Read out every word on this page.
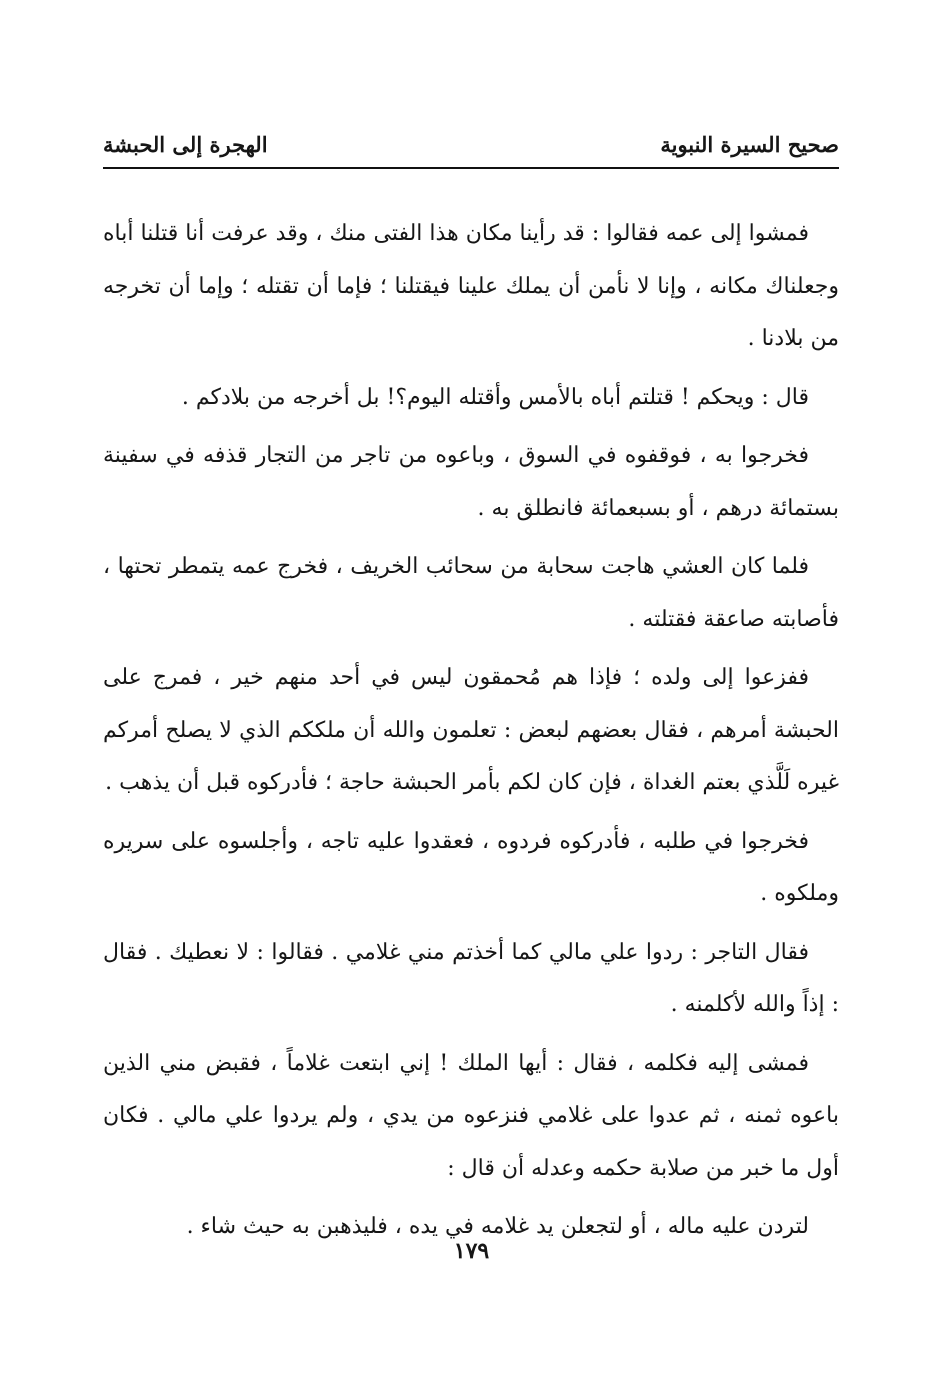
صحيح السيرة النبوية
الهجرة إلى الحبشة

فمشوا إلى عمه فقالوا : قد رأينا مكان هذا الفتى منك ، وقد عرفت أنا قتلنا أباه وجعلناك مكانه ، وإنا لا نأمن أن يملك علينا فيقتلنا ؛ فإما أن تقتله ؛ وإما أن تخرجه من بلادنا .

قال : ويحكم ! قتلتم أباه بالأمس وأقتله اليوم؟! بل أخرجه من بلادكم .

فخرجوا به ، فوقفوه في السوق ، وباعوه من تاجر من التجار قذفه في سفينة بستمائة درهم ، أو بسبعمائة فانطلق به .

فلما كان العشي هاجت سحابة من سحائب الخريف ، فخرج عمه يتمطر تحتها ، فأصابته صاعقة فقتلته .

ففزعوا إلى ولده ؛ فإذا هم مُحمقون ليس في أحد منهم خير ، فمرج على الحبشة أمرهم ، فقال بعضهم لبعض : تعلمون والله أن ملككم الذي لا يصلح أمركم غيره لَلَّذي بعتم الغداة ، فإن كان لكم بأمر الحبشة حاجة ؛ فأدركوه قبل أن يذهب .

فخرجوا في طلبه ، فأدركوه فردوه ، فعقدوا عليه تاجه ، وأجلسوه على سريره وملكوه .

فقال التاجر : ردوا علي مالي كما أخذتم مني غلامي . فقالوا : لا نعطيك . فقال : إذاً والله لأكلمنه .

فمشى إليه فكلمه ، فقال : أيها الملك ! إني ابتعت غلاماً ، فقبض مني الذين باعوه ثمنه ، ثم عدوا على غلامي فنزعوه من يدي ، ولم يردوا علي مالي . فكان أول ما خبر من صلابة حكمه وعدله أن قال :

لتردن عليه ماله ، أو لتجعلن يد غلامه في يده ، فليذهبن به حيث شاء .

١٧٩
